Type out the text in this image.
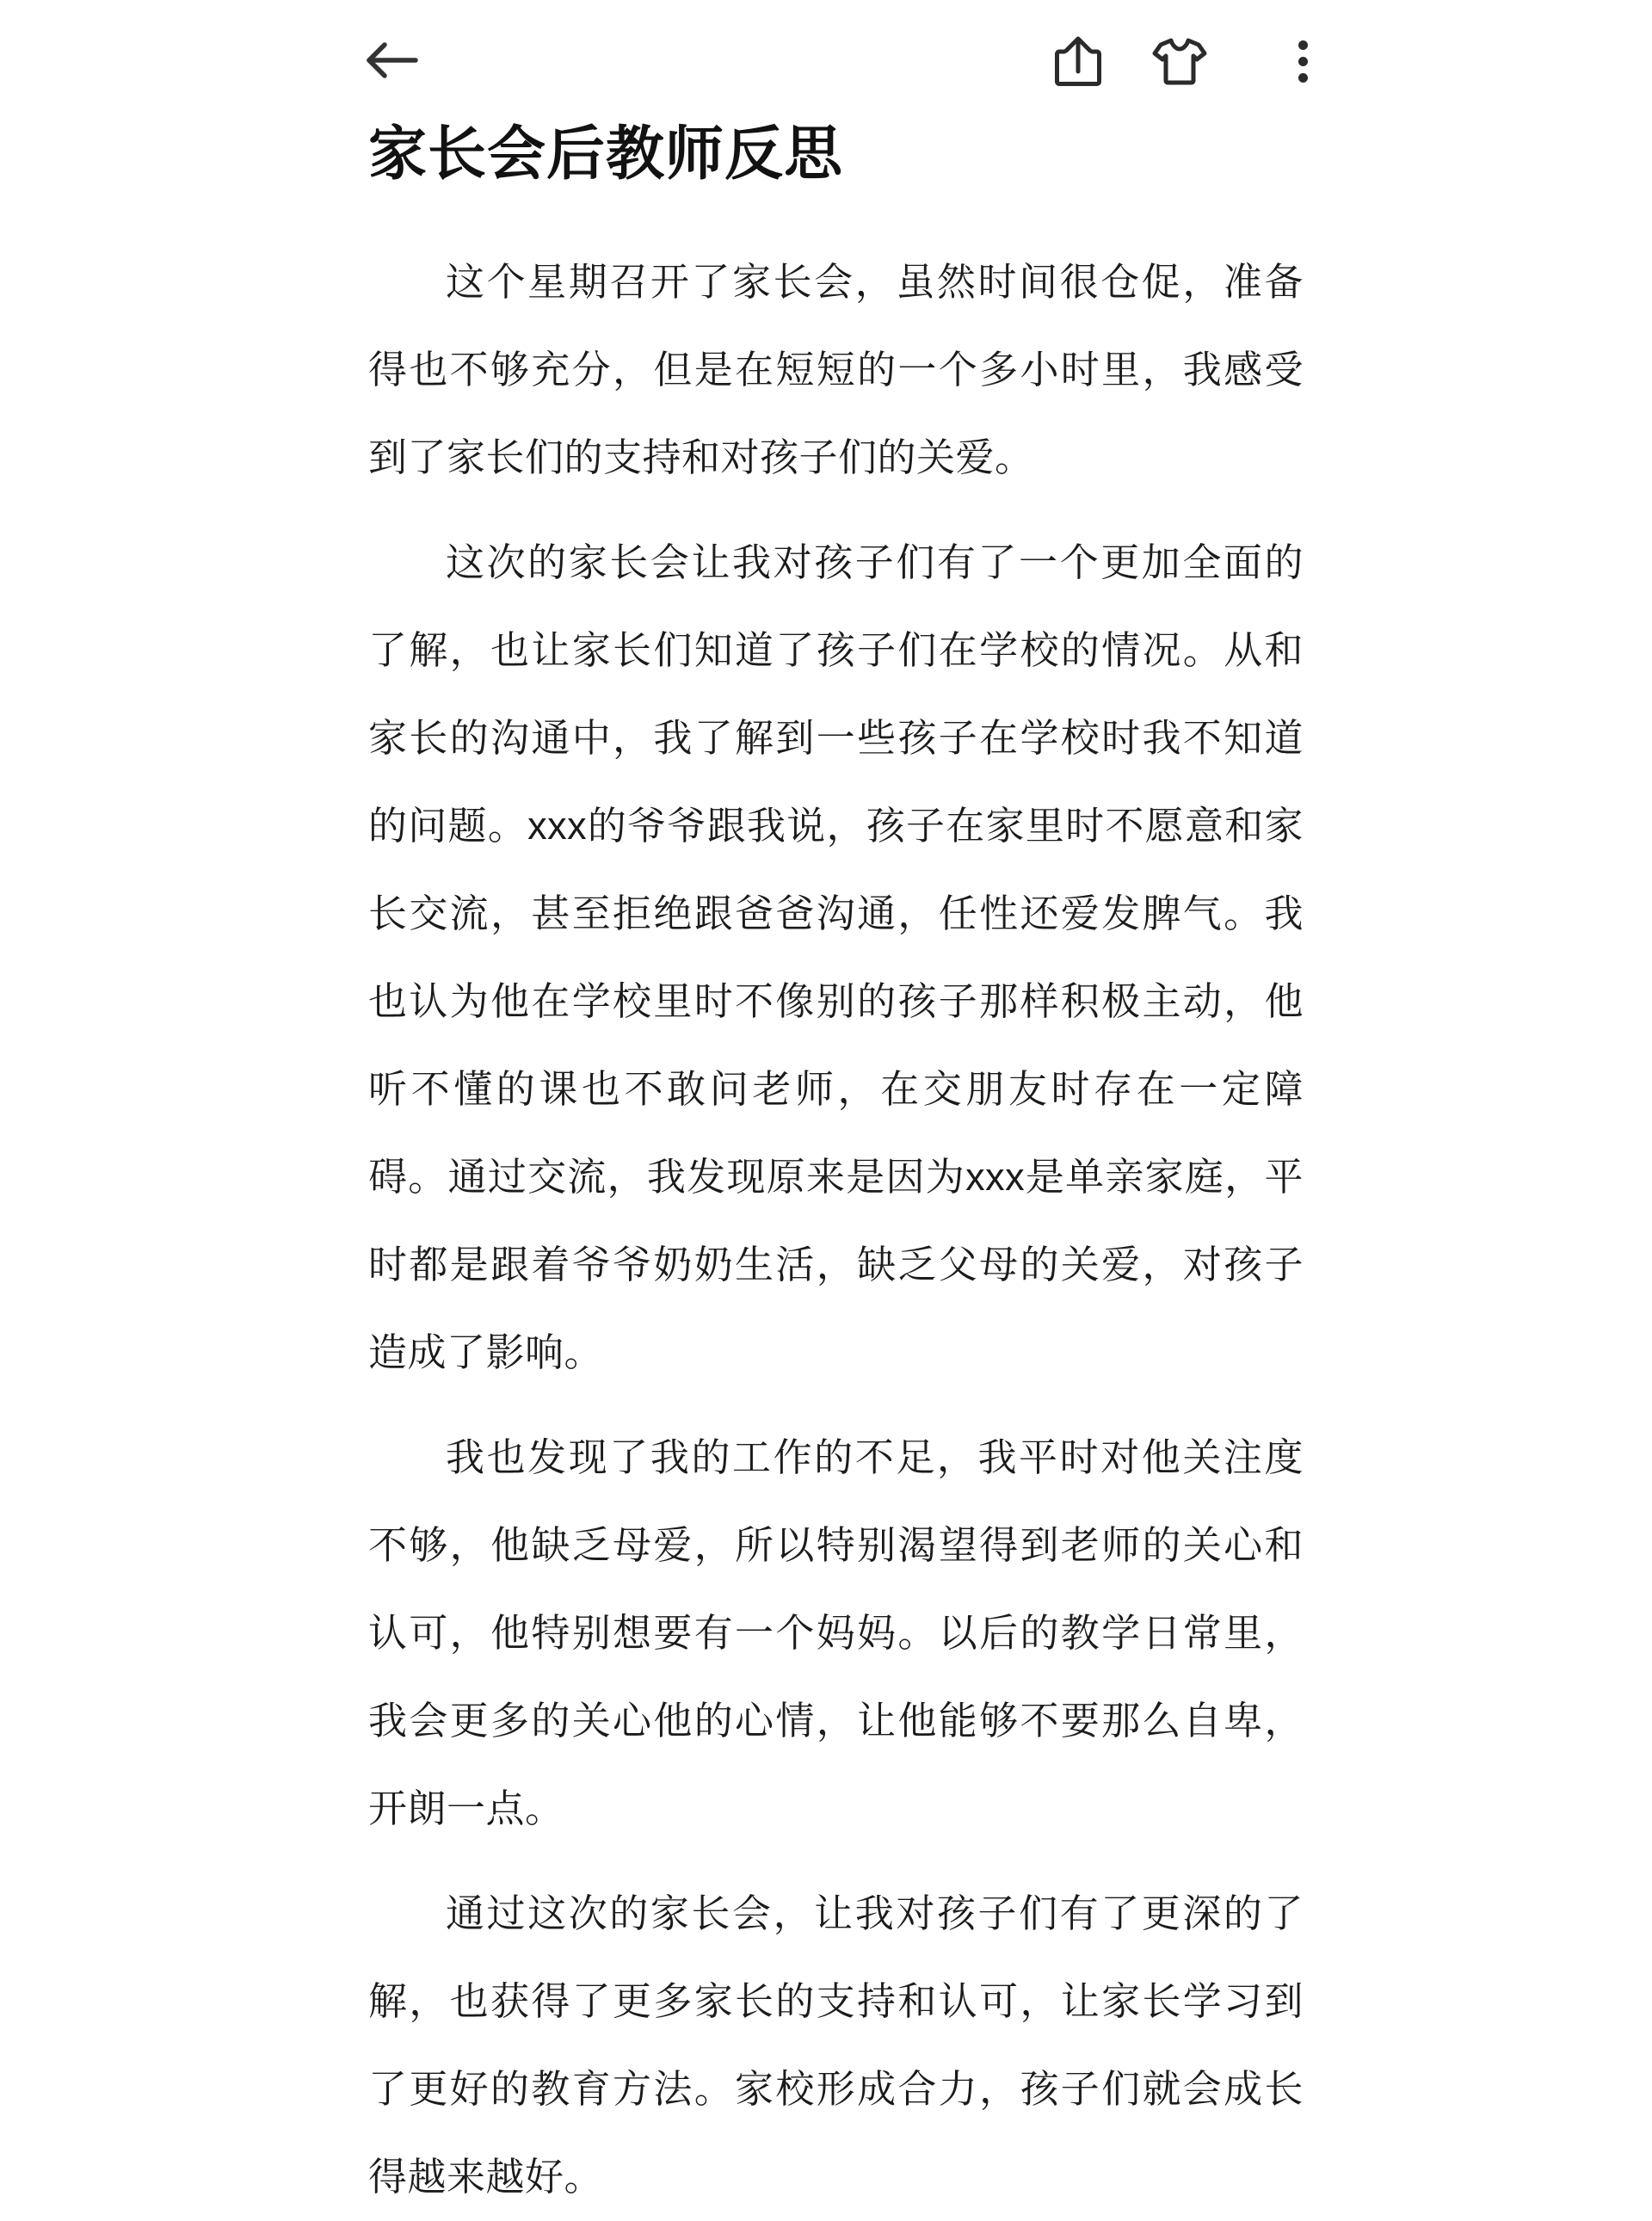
家长会后教师反思

这个星期召开了家长会，虽然时间很仓促，准备得也不够充分，但是在短短的一个多小时里，我感受到了家长们的支持和对孩子们的关爱。

这次的家长会让我对孩子们有了一个更加全面的了解，也让家长们知道了孩子们在学校的情况。从和家长的沟通中，我了解到一些孩子在学校时我不知道的问题。xxx的爷爷跟我说，孩子在家里时不愿意和家长交流，甚至拒绝跟爸爸沟通，任性还爱发脾气。我也认为他在学校里时不像别的孩子那样积极主动，他听不懂的课也不敢问老师，在交朋友时存在一定障碍。通过交流，我发现原来是因为xxx是单亲家庭，平时都是跟着爷爷奶奶生活，缺乏父母的关爱，对孩子造成了影响。

我也发现了我的工作的不足，我平时对他关注度不够，他缺乏母爱，所以特别渴望得到老师的关心和认可，他特别想要有一个妈妈。以后的教学日常里，我会更多的关心他的心情，让他能够不要那么自卑，开朗一点。

通过这次的家长会，让我对孩子们有了更深的了解，也获得了更多家长的支持和认可，让家长学习到了更好的教育方法。家校形成合力，孩子们就会成长得越来越好。
